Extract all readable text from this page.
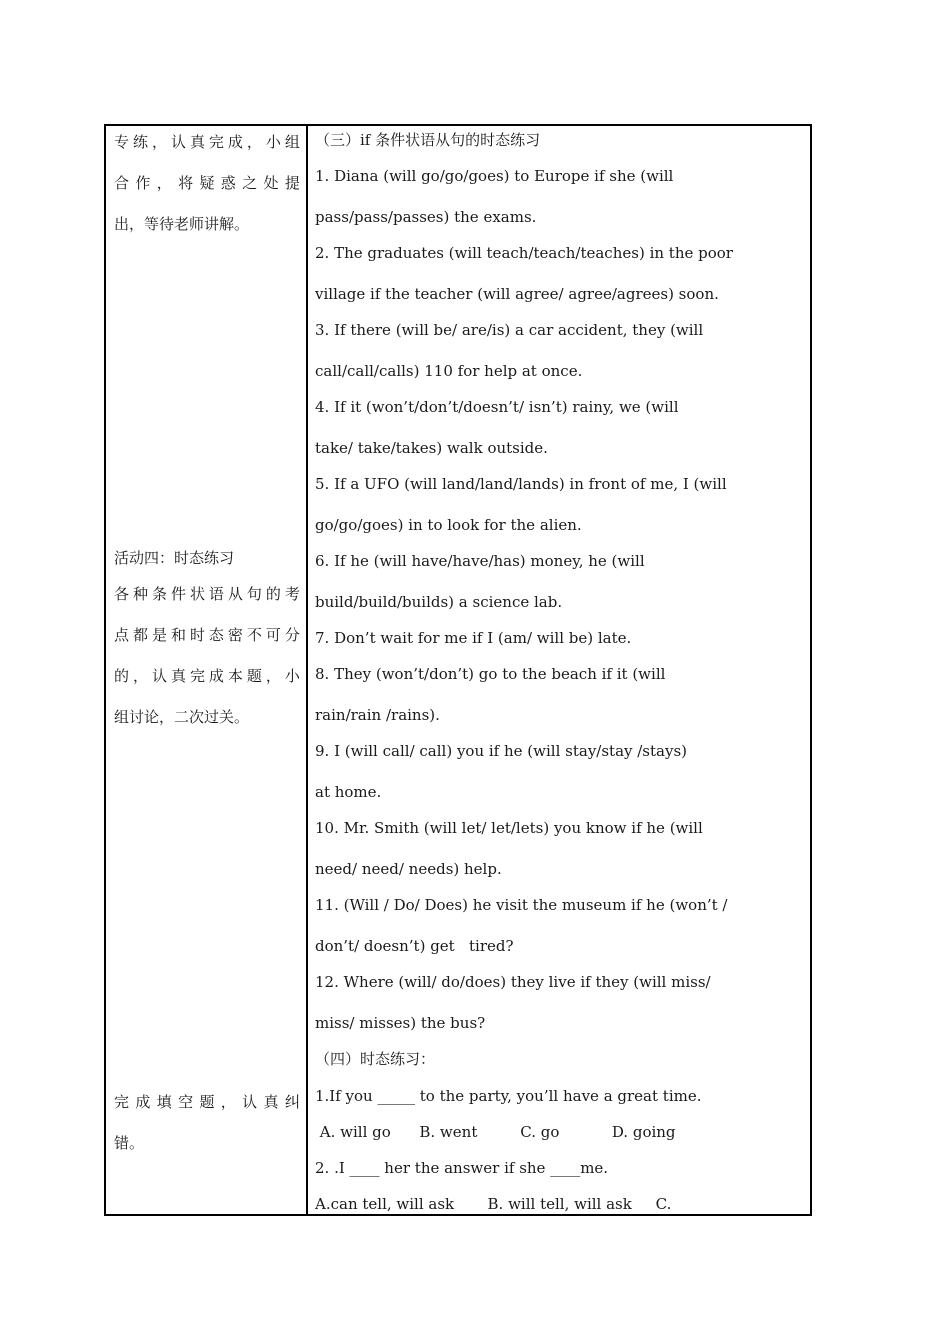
专 练 ， 认 真 完 成 ， 小 组
合 作 ， 将 疑 惑 之 处 提
出，等待老师讲解。
活动四：时态练习
各 种 条 件 状 语 从 句 的 考
点 都 是 和 时 态 密 不 可 分
的 ， 认 真 完 成 本 题 ， 小
组讨论，二次过关。
完 成 填 空 题 ， 认 真 纠
错。
（三）if 条件状语从句的时态练习
1. Diana (will go/go/goes) to Europe if she (will
pass/pass/passes) the exams.
2. The graduates (will teach/teach/teaches) in the poor
village if the teacher (will agree/ agree/agrees) soon.
3. If there (will be/ are/is) a car accident, they (will
call/call/calls) 110 for help at once.
4. If it (won’t/don’t/doesn’t/ isn’t) rainy, we (will
take/ take/takes) walk outside.
5. If a UFO (will land/land/lands) in front of me, I (will
go/go/goes) in to look for the alien.
6. If he (will have/have/has) money, he (will
build/build/builds) a science lab.
7. Don’t wait for me if I (am/ will be) late.
8. They (won’t/don’t) go to the beach if it (will
rain/rain /rains).
9. I (will call/ call) you if he (will stay/stay /stays)
at home.
10. Mr. Smith (will let/ let/lets) you know if he (will
need/ need/ needs) help.
11. (Will / Do/ Does) he visit the museum if he (won’t /
don’t/ doesn’t) get   tired?
12. Where (will/ do/does) they live if they (will miss/
miss/ misses) the bus?
（四）时态练习：
1.If you _____ to the party, you’ll have a great time.
A. will go      B. went         C. go           D. going
2. .I ____ her the answer if she ____me.
A.can tell, will ask       B. will tell, will ask     C.
